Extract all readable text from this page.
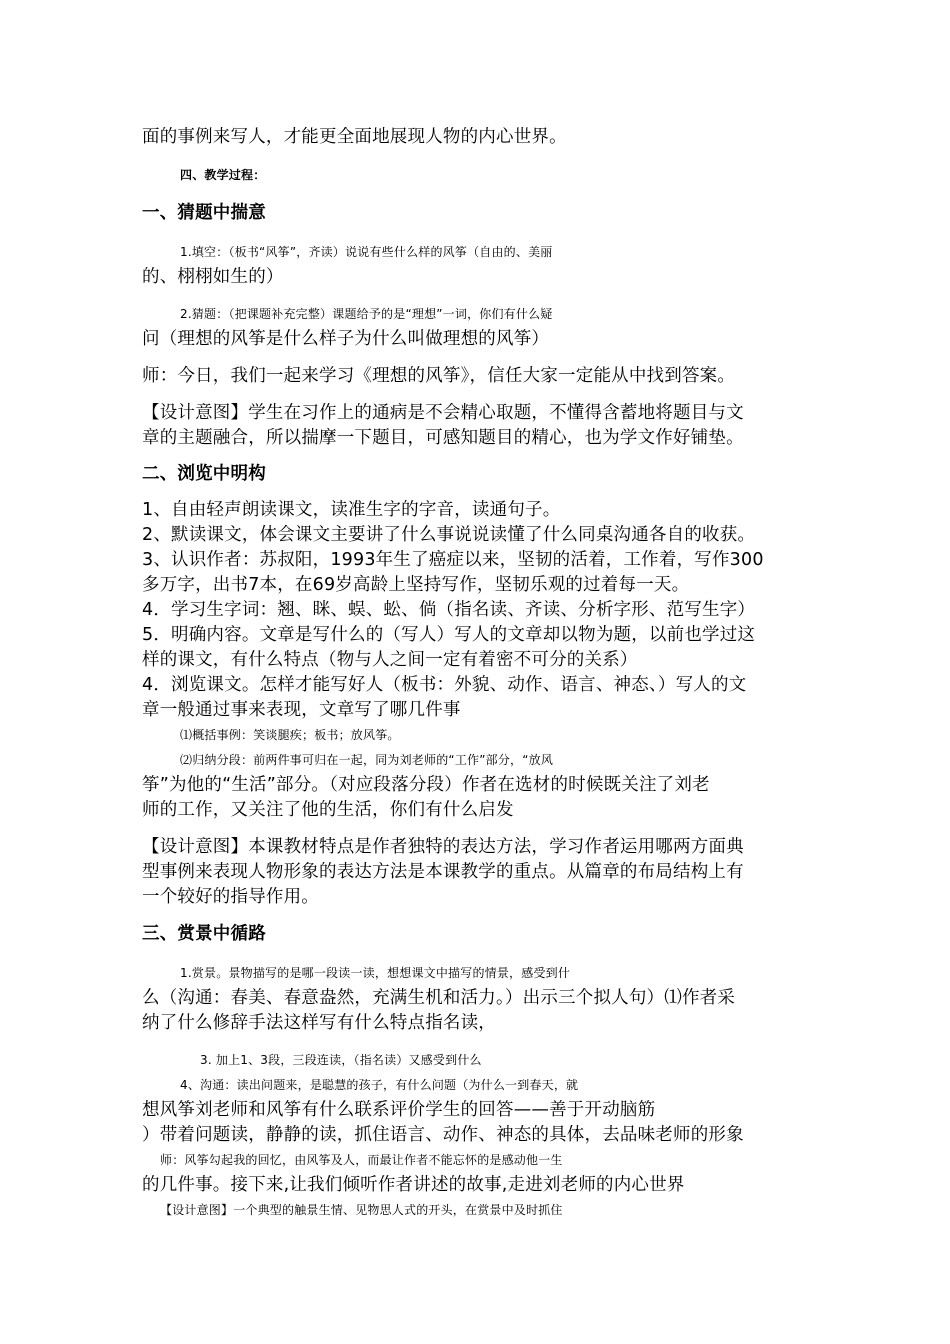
面的事例来写人，才能更全面地展现人物的内心世界。
四、教学过程：
一、猜题中揣意
1.填空：（板书“风筝”，齐读）说说有些什么样的风筝（自由的、美丽
的、栩栩如生的）
2.猜题：（把课题补充完整）课题给予的是“理想”一词，你们有什么疑
问（理想的风筝是什么样子为什么叫做理想的风筝）
师：今日，我们一起来学习《理想的风筝》，信任大家一定能从中找到答案。
【设计意图】学生在习作上的通病是不会精心取题，不懂得含蓄地将题目与文
章的主题融合，所以揣摩一下题目，可感知题目的精心，也为学文作好铺垫。
二、浏览中明构
1、自由轻声朗读课文，读准生字的字音，读通句子。
2、默读课文，体会课文主要讲了什么事说说读懂了什么同桌沟通各自的收获。
3、认识作者：苏叔阳，1993年生了癌症以来，坚韧的活着，工作着，写作300
多万字，出书7本，在69岁高龄上坚持写作，坚韧乐观的过着每一天。
4．学习生字词：翘、眯、蜈、蚣、倘（指名读、齐读、分析字形、范写生字）
5．明确内容。文章是写什么的（写人）写人的文章却以物为题，以前也学过这
样的课文，有什么特点（物与人之间一定有着密不可分的关系）
4．浏览课文。怎样才能写好人（板书：外貌、动作、语言、神态、）写人的文
章一般通过事来表现，文章写了哪几件事
⑴概括事例：笑谈腿疾；板书；放风筝。
⑵归纳分段：前两件事可归在一起，同为刘老师的“工作”部分，“放风
筝”为他的“生活”部分。（对应段落分段）作者在选材的时候既关注了刘老
师的工作，又关注了他的生活，你们有什么启发
【设计意图】本课教材特点是作者独特的表达方法，学习作者运用哪两方面典
型事例来表现人物形象的表达方法是本课教学的重点。从篇章的布局结构上有
一个较好的指导作用。
三、赏景中循路
1.赏景。景物描写的是哪一段读一读，想想课文中描写的情景，感受到什
么（沟通：春美、春意盎然，充满生机和活力。）出示三个拟人句）⑴作者采
纳了什么修辞手法这样写有什么特点指名读，
3. 加上1、3段，三段连读，（指名读）又感受到什么
4、沟通：读出问题来，是聪慧的孩子，有什么问题（为什么一到春天，就
想风筝刘老师和风筝有什么联系评价学生的回答——善于开动脑筋
）带着问题读，静静的读，抓住语言、动作、神态的具体，去品味老师的形象
师：风筝勾起我的回忆，由风筝及人，而最让作者不能忘怀的是感动他一生
的几件事。接下来,让我们倾听作者讲述的故事,走进刘老师的内心世界
【设计意图】一个典型的触景生情、见物思人式的开头，在赏景中及时抓住
